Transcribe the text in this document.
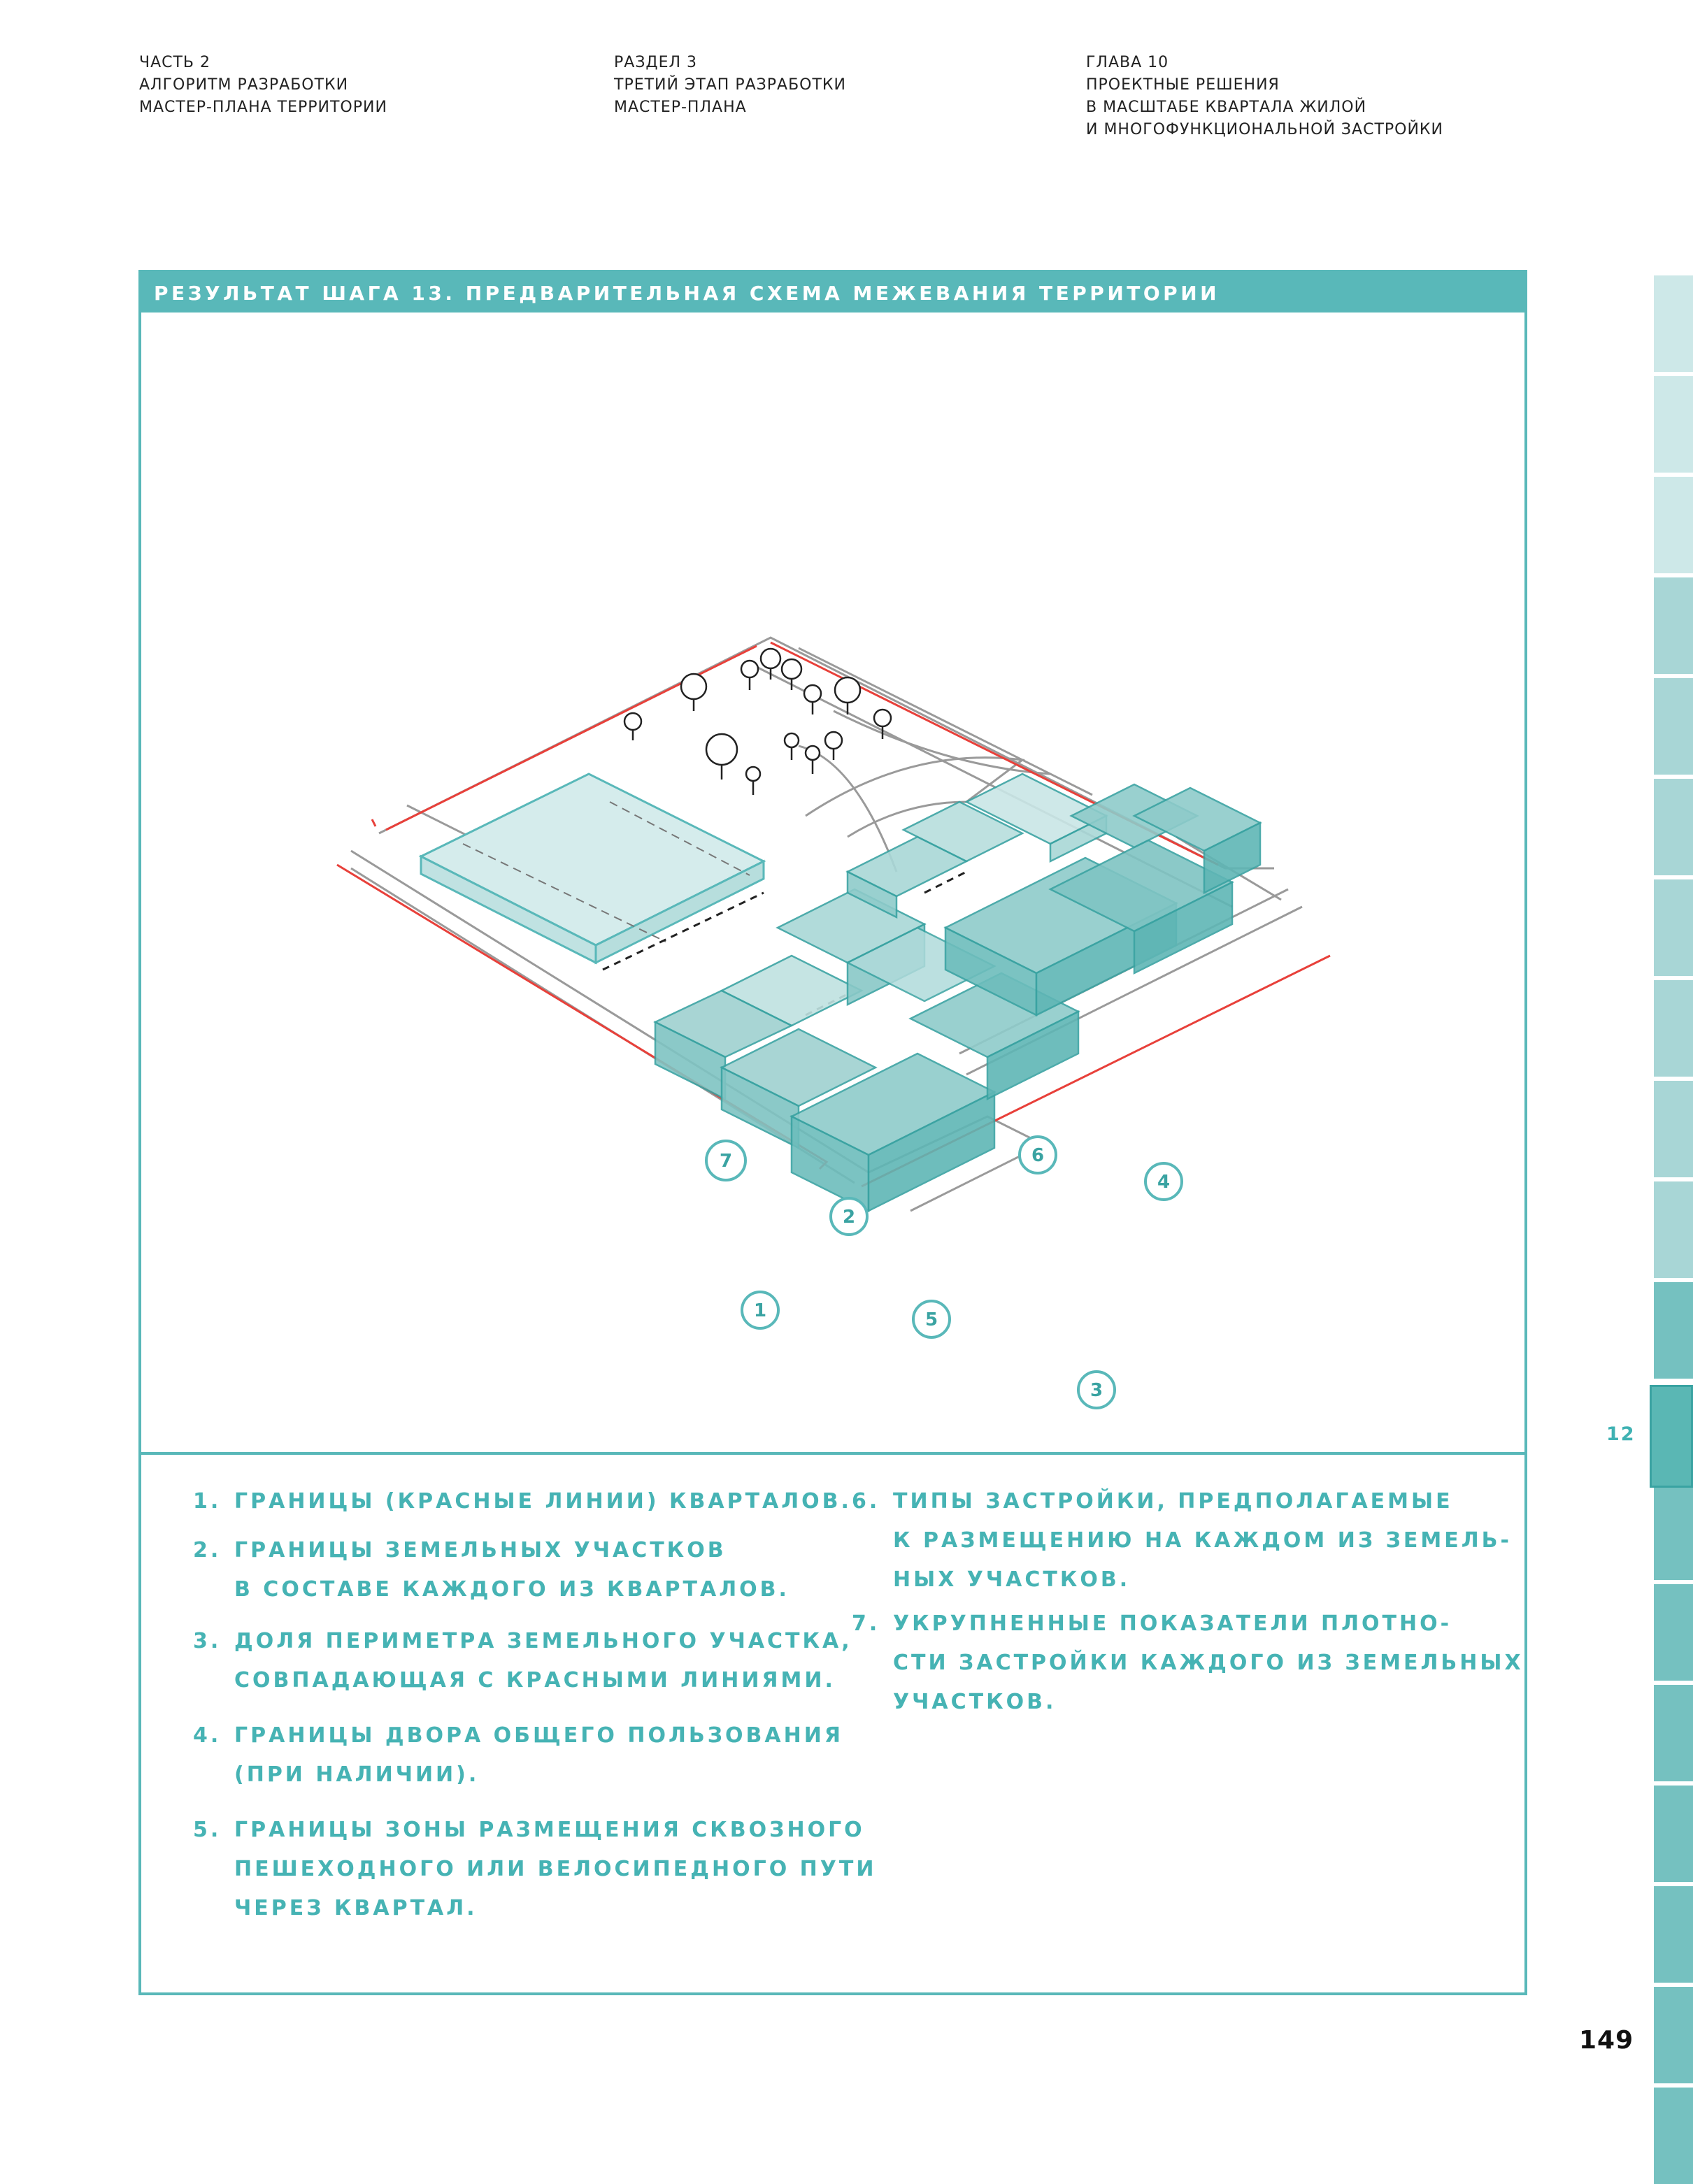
ЧАСТЬ 2
АЛГОРИТМ РАЗРАБОТКИ
МАСТЕР-ПЛАНА ТЕРРИТОРИИ
РАЗДЕЛ 3
ТРЕТИЙ ЭТАП РАЗРАБОТКИ
МАСТЕР-ПЛАНА
ГЛАВА 10
ПРОЕКТНЫЕ РЕШЕНИЯ
В МАСШТАБЕ КВАРТАЛА ЖИЛОЙ
И МНОГОФУНКЦИОНАЛЬНОЙ ЗАСТРОЙКИ
РЕЗУЛЬТАТ ШАГА 13. ПРЕДВАРИТЕЛЬНАЯ СХЕМА МЕЖЕВАНИЯ ТЕРРИТОРИИ
7
2
1	5
3
6
4
1. ГРАНИЦЫ (КРАСНЫЕ ЛИНИИ) КВАРТАЛОВ.
2. ГРАНИЦЫ ЗЕМЕЛЬНЫХ УЧАСТКОВ
В СОСТАВЕ КАЖДОГО ИЗ КВАРТАЛОВ.
3. ДОЛЯ ПЕРИМЕТРА ЗЕМЕЛЬНОГО УЧАСТКА,
СОВПАДАЮЩАЯ С КРАСНЫМИ ЛИНИЯМИ.
4. ГРАНИЦЫ ДВОРА ОБЩЕГО ПОЛЬЗОВАНИЯ
(ПРИ НАЛИЧИИ).
5. ГРАНИЦЫ ЗОНЫ РАЗМЕЩЕНИЯ СКВОЗНОГО
ПЕШЕХОДНОГО ИЛИ ВЕЛОСИПЕДНОГО ПУТИ
ЧЕРЕЗ КВАРТАЛ.
6. ТИПЫ ЗАСТРОЙКИ, ПРЕДПОЛАГАЕМЫЕ
К РАЗМЕЩЕНИЮ НА КАЖДОМ ИЗ ЗЕМЕЛЬ-
НЫХ УЧАСТКОВ.
7. УКРУПНЕННЫЕ ПОКАЗАТЕЛИ ПЛОТНО-
СТИ ЗАСТРОЙКИ КАЖДОГО ИЗ ЗЕМЕЛЬНЫХ
УЧАСТКОВ.
12
149
